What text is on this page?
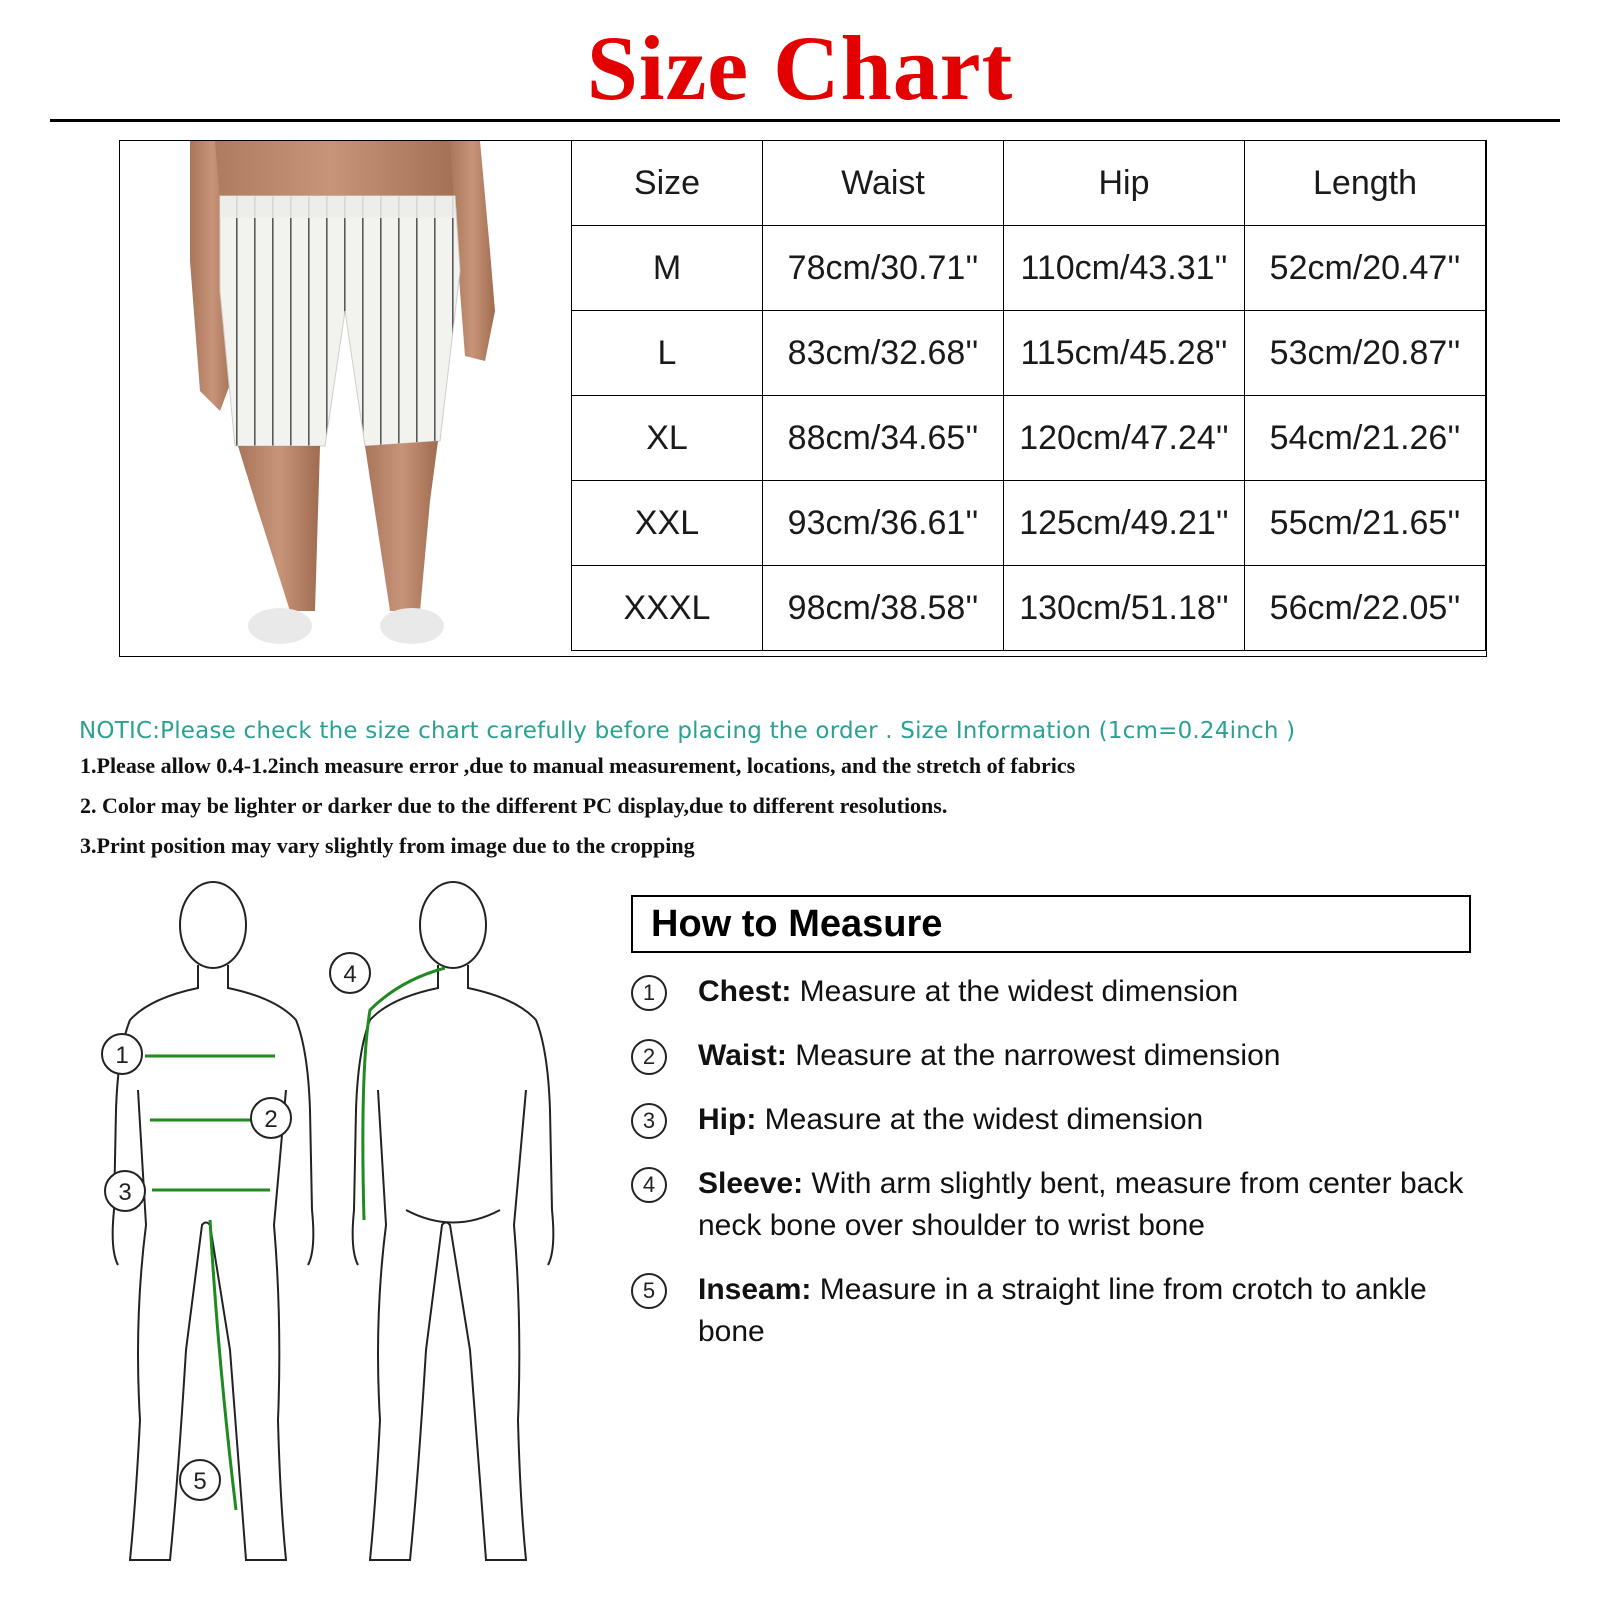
Size Chart
Size	Waist	Hip	Length
M	78cm/30.71''	110cm/43.31''	52cm/20.47''
L	83cm/32.68''	115cm/45.28''	53cm/20.87''
XL	88cm/34.65''	120cm/47.24''	54cm/21.26''
XXL	93cm/36.61''	125cm/49.21''	55cm/21.65''
XXXL	98cm/38.58''	130cm/51.18''	56cm/22.05''
NOTIC:Please check the size chart carefully before placing the order . Size Information (1cm=0.24inch )
1.Please allow 0.4-1.2inch measure error ,due to manual measurement, locations, and the stretch of fabrics
2. Color may be lighter or darker due to the different PC display,due to different resolutions.
3.Print position may vary slightly from image due to the cropping
1
2
3
4
5
How to Measure
1	Chest: Measure at the widest dimension
2	Waist: Measure at the narrowest dimension
3	Hip: Measure at the widest dimension
4	Sleeve: With arm slightly bent, measure from center back neck bone over shoulder to wrist bone
5	Inseam: Measure in a straight line from crotch to ankle bone
